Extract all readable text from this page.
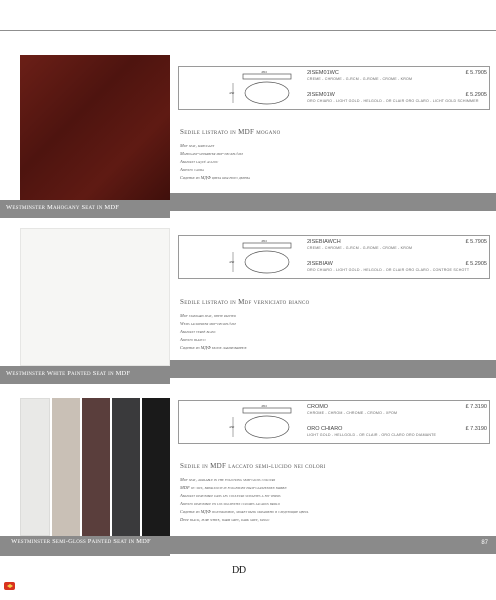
Westminster Mahogany Seat in MDF
365
430
2ISEM01WC	₤ 5.7905
CREME - CHROME - G-RCM - G-ROME - CROME - KROM
2ISEM01W	₤ 5.2905
ORO CHIARO - LIGHT GOLD - HELGOLD - OR CLAIR ORO CLARO - LICHT GOLD SCHIMMER
Sedile listrato in MDF mogano
Mdf seat, mahogany
Mahogany-gefarbter mdf-deckel/sitz
Abattant laqué acajou
Asiento caoba
Сиденье из МДФ цвета красного дерева
Westminster White Painted Seat in MDF
365
430
2ISEBIAWCH	₤ 5.7905
CREME - CHROME - G-RCM - G-ROME - CROME - KROM
2ISEBIAW	₤ 5.2905
ORO CHIARO - LIGHT GOLD - HELGOLD - OR CLAIR ORO CLARO - CONTROE SCHOTT
Sedile listrato in Mdf verniciato bianco
Mdf standard seat, white painted
Weiss lackierter mdf-deckel/sitz
Abattant verné blanc
Asiento blanco
Сиденье из МДФ белое лакированное
Westminster Semi-Gloss Painted Seat in MDF
365
430
CROMO	₤ 7.3190
CHROME - CHROM - CHROME - CROMO - XPOM
ORO CHIARO	₤ 7.3190
LIGHT GOLD - HELLGOLD - OR CLAIR - ORO CLARO ORO DIAMANTE
Sedile in MDF laccato semi-lucido nei colori
Mdf seat, available in the following semi-gloss colours
MDF wc sitz, erhaltlich in folgenden halb-glanzenden farben
Abattant disponible dans les couleurs suivantes a fin vernis
Asiento disponible en los siguientes colores lacados brillo
Сиденье из МДФ полуматовое, может быть окрашено в следующие цвета
Deep black, pure white, warm grey, dark grey, tango
87
D⁄D
